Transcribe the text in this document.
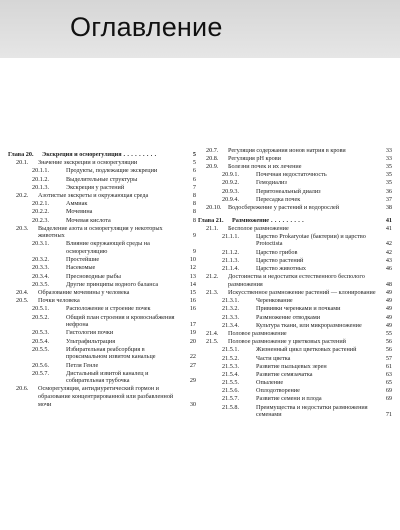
Оглавление
Глава 20. Экскреция и осморегуляция . . .	5
20.1. Значение экскреции и осморегуляции	5
20.1.1.	Продукты, подлежащие экскреции	6
20.1.2.	Выделительные структуры	6
20.1.3.	Экскреция у растений	7
20.2. Азотистые экскреты и окружающая среда	8
20.2.1.	Аммиак	8
20.2.2.	Мочевина	8
20.2.3.	Мочевая кислота	8
20.3. Выделение азота и осморегуляция у некоторых животных	9
20.3.1.	Влияние окружающей среды на осморегуляцию	9
20.3.2.	Простейшие	10
20.3.3.	Насекомые	12
20.3.4.	Пресноводные рыбы	13
20.3.5.	Другие принципы водного баланса	14
20.4. Образование мочевины у человека	15
20.5. Почки человека	16
20.5.1.	Расположение и строение почек	16
20.5.2.	Общий план строения и кровоснабжения нефрона	17
20.5.3.	Гистология почки	19
20.5.4.	Ультрафильтрация	20
20.5.5.	Избирательная реабсорбция в проксимальном извитом канальце	22
20.5.6.	Петля Генле	27
20.5.7.	Дистальный извитой каналец и собирательная трубочка	29
20.6. Осморегуляция, антидиуретический гормон и образование концентрированной или разбавленной мочи	30
20.7. Регуляция содержания ионов натрия в крови	33
20.8. Регуляция pH крови	33
20.9. Болезни почек и их лечение	35
20.9.1.	Почечная недостаточность	35
20.9.2.	Гемодиализ	35
20.9.3.	Перитонеальный диализ	36
20.9.4.	Пересадка почек	37
20.10. Водосбережение у растений и водорослей	38
Глава 21. Размножение . . .	41
21.1. Бесполое размножение	41
21.1.1.	Царство Prokaryotae (бактерии) и царство Protoctista	42
21.1.2.	Царство грибов	42
21.1.3.	Царство растений	43
21.1.4.	Царство животных	46
21.2. Достоинства и недостатки естественного бесполого размножения	48
21.3. Искусственное размножение растений — клонирование	49
21.3.1.	Черенкование	49
21.3.2.	Прививки черенками и почками	49
21.3.3.	Размножение отводками	49
21.3.4.	Культура ткани, или микроразмножение	49
21.4. Половое размножение	55
21.5. Половое размножение у цветковых растений	56
21.5.1.	Жизненный цикл цветковых растений	56
21.5.2.	Части цветка	57
21.5.3.	Развитие пыльцевых зерен	61
21.5.4.	Развитие семязачатка	63
21.5.5.	Опыление	65
21.5.6.	Оплодотворение	69
21.5.7.	Развитие семени и плода	69
21.5.8.	Преимущества и недостатки размножения семенами	71
